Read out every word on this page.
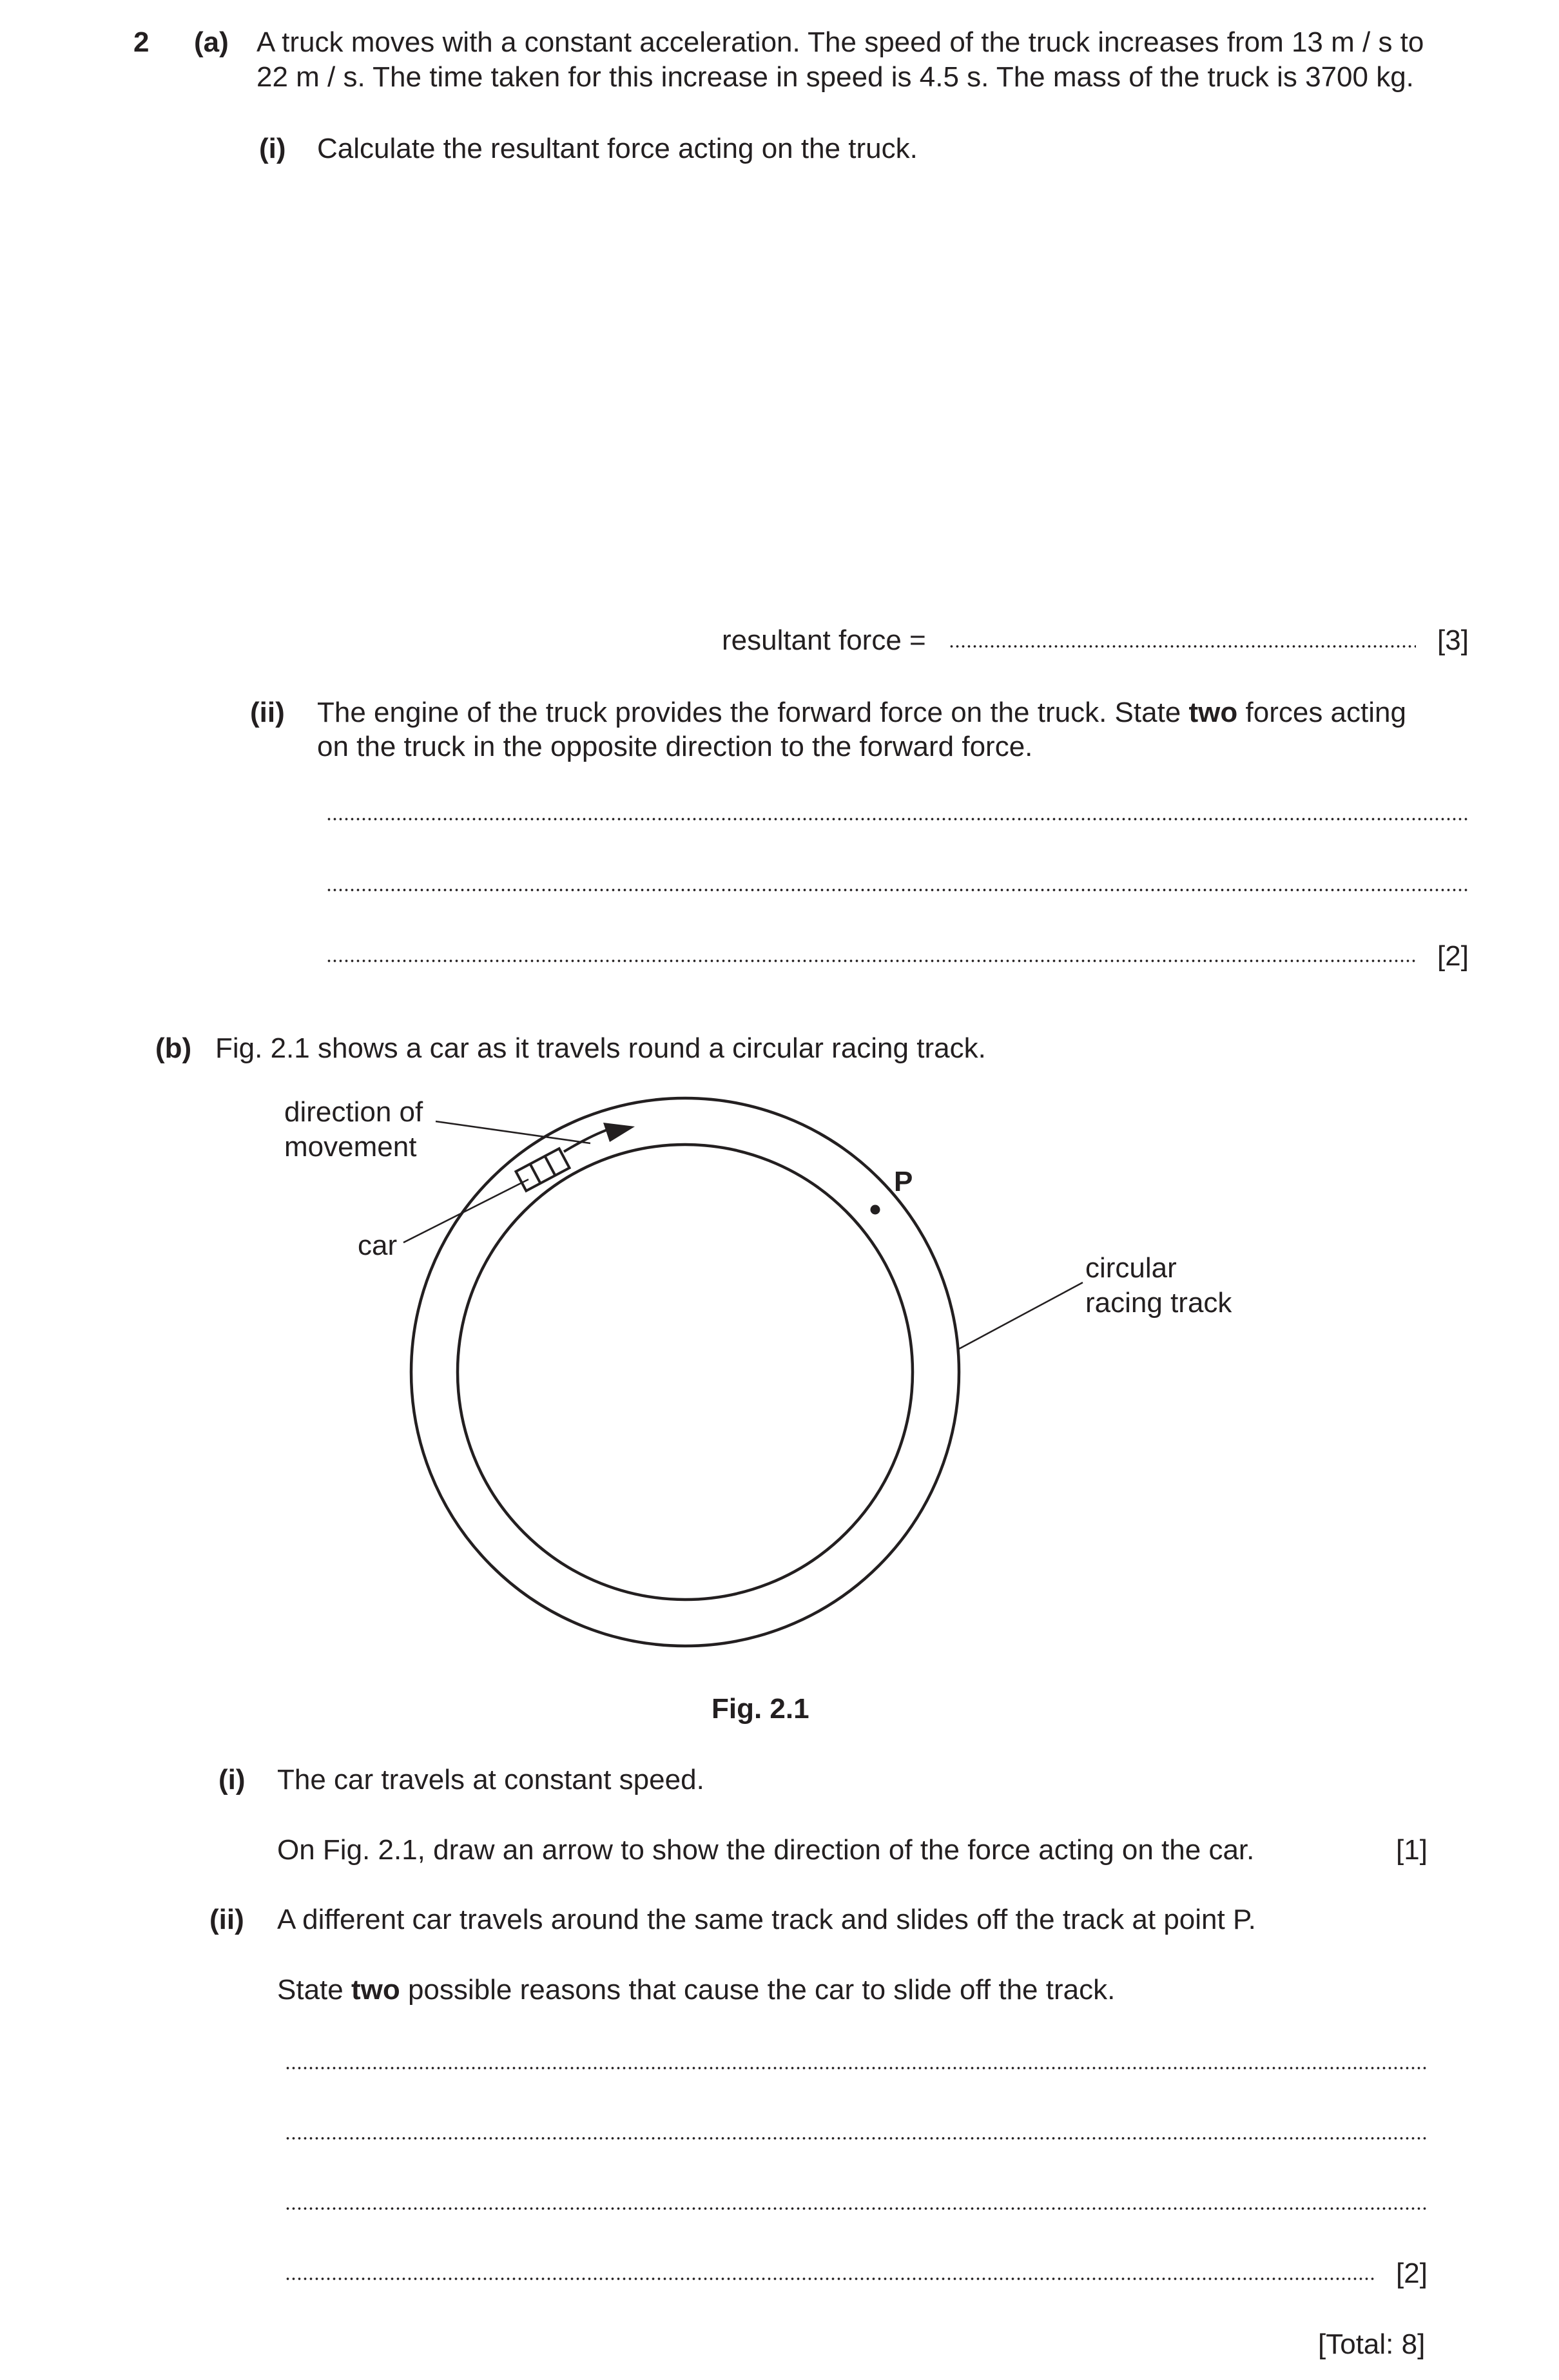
2 (a) A truck moves with a constant acceleration. The speed of the truck increases from 13 m / s to
22 m / s. The time taken for this increase in speed is 4.5 s. The mass of the truck is 3700 kg.
(i) Calculate the resultant force acting on the truck.
resultant force =	[3]
(ii) The engine of the truck provides the forward force on the truck. State two forces acting
on the truck in the opposite direction to the forward force.
[2]
(b) Fig. 2.1 shows a car as it travels round a circular racing track.
direction of
movement
car
P
circular
racing track
Fig. 2.1
(i) The car travels at constant speed.
On Fig. 2.1, draw an arrow to show the direction of the force acting on the car.	[1]
(ii) A different car travels around the same track and slides off the track at point P.
State two possible reasons that cause the car to slide off the track.
[2]
[Total: 8]
